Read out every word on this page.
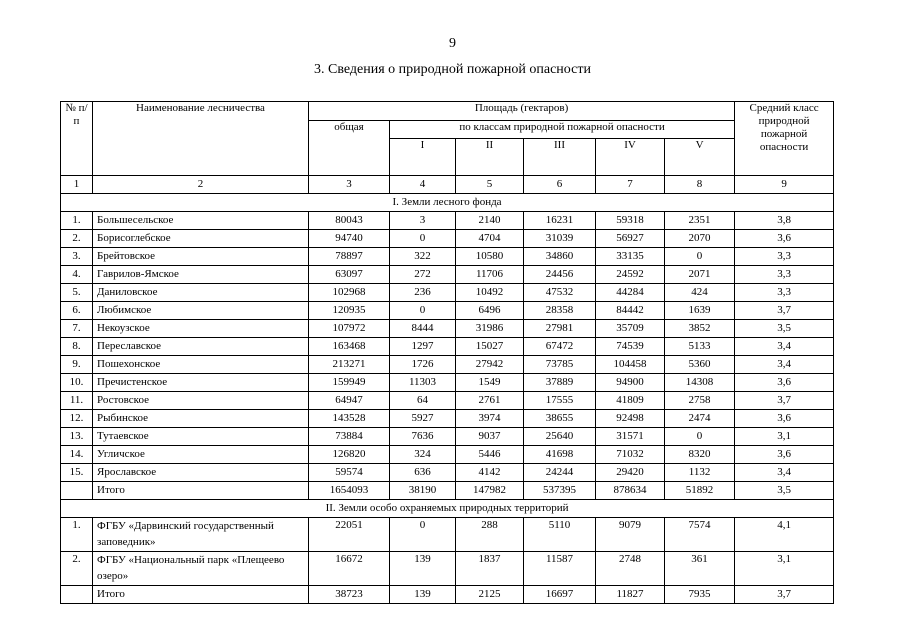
9
3. Сведения о природной пожарной опасности
№ п/п	Наименование лесничества	Площадь (гектаров)						Средний класс природной пожарной опасности
		общая	по классам природной пожарной опасности					
			I	II	III	IV	V	
1	2	3	4	5	6	7	8	9
I. Земли лесного фонда								
1.	Большесельское	80043	3	2140	16231	59318	2351	3,8
2.	Борисоглебское	94740	0	4704	31039	56927	2070	3,6
3.	Брейтовское	78897	322	10580	34860	33135	0	3,3
4.	Гаврилов-Ямское	63097	272	11706	24456	24592	2071	3,3
5.	Даниловское	102968	236	10492	47532	44284	424	3,3
6.	Любимское	120935	0	6496	28358	84442	1639	3,7
7.	Некоузское	107972	8444	31986	27981	35709	3852	3,5
8.	Переславское	163468	1297	15027	67472	74539	5133	3,4
9.	Пошехонское	213271	1726	27942	73785	104458	5360	3,4
10.	Пречистенское	159949	11303	1549	37889	94900	14308	3,6
11.	Ростовское	64947	64	2761	17555	41809	2758	3,7
12.	Рыбинское	143528	5927	3974	38655	92498	2474	3,6
13.	Тутаевское	73884	7636	9037	25640	31571	0	3,1
14.	Угличское	126820	324	5446	41698	71032	8320	3,6
15.	Ярославское	59574	636	4142	24244	29420	1132	3,4
	Итого	1654093	38190	147982	537395	878634	51892	3,5
II. Земли особо охраняемых природных территорий								
1.	ФГБУ «Дарвинский государственный заповедник»	22051	0	288	5110	9079	7574	4,1
2.	ФГБУ «Национальный парк «Плещеево озеро»	16672	139	1837	11587	2748	361	3,1
	Итого	38723	139	2125	16697	11827	7935	3,7
